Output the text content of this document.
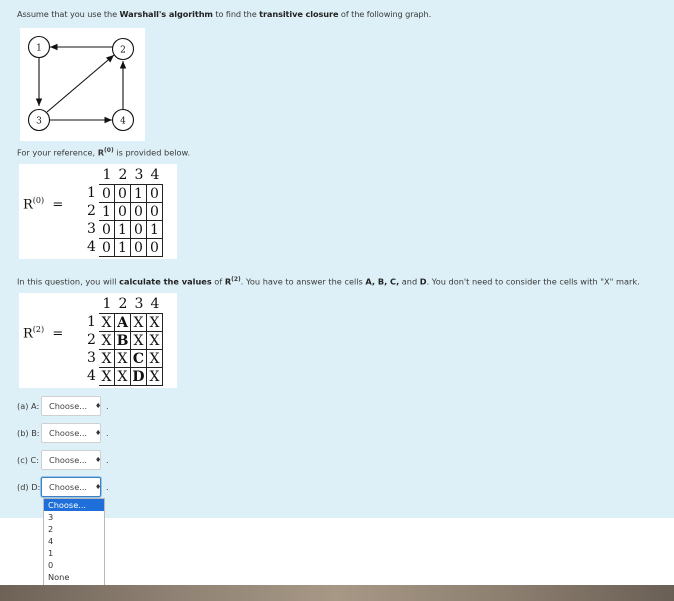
Assume that you use the Warshall's algorithm to find the transitive closure of the following graph.
1	2
3	4
For your reference, $R^{(0)}$ is provided below.
$R^{(0)}$ =
1 2 3 4
1 0 0 1 0
2 1 0 0 0
3 0 1 0 1
4 0 1 0 0
In this question, you will calculate the values of $R^{(2)}$. You have to answer the cells A, B, C, and D. You don't need to consider the cells with "X" mark.
$R^{(2)}$ =
1 2 3 4
1 X A X X
2 X B X X
3 X X C X
4 X X D X
(a) A:	Choose... ♦ .
(b) B:	Choose... ♦ .
(c) C:	Choose... ♦ .
(d) D:	Choose... ♦ .
Choose...
3
2
4
1
0
None
